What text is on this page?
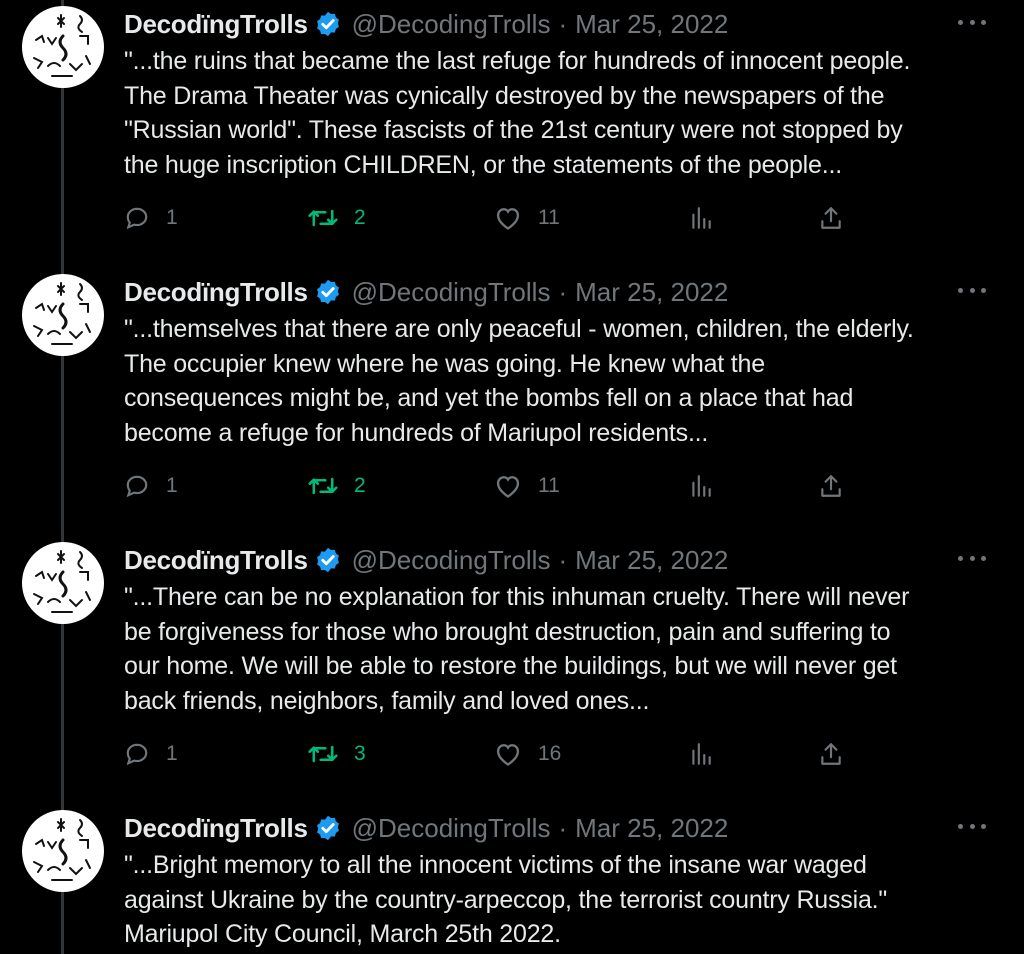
DecodïngTrolls @DecodingTrolls · Mar 25, 2022
"...the ruins that became the last refuge for hundreds of innocent people.
The Drama Theater was cynically destroyed by the newspapers of the
"Russian world". These fascists of the 21st century were not stopped by
the huge inscription CHILDREN, or the statements of the people...
1	2	11
DecodïngTrolls @DecodingTrolls · Mar 25, 2022
"...themselves that there are only peaceful - women, children, the elderly.
The occupier knew where he was going. He knew what the
consequences might be, and yet the bombs fell on a place that had
become a refuge for hundreds of Mariupol residents...
1	2	11
DecodïngTrolls @DecodingTrolls · Mar 25, 2022
"...There can be no explanation for this inhuman cruelty. There will never
be forgiveness for those who brought destruction, pain and suffering to
our home. We will be able to restore the buildings, but we will never get
back friends, neighbors, family and loved ones...
1	3	16
DecodïngTrolls @DecodingTrolls · Mar 25, 2022
"...Bright memory to all the innocent victims of the insane war waged
against Ukraine by the country-arpeccop, the terrorist country Russia."
Mariupol City Council, March 25th 2022.
